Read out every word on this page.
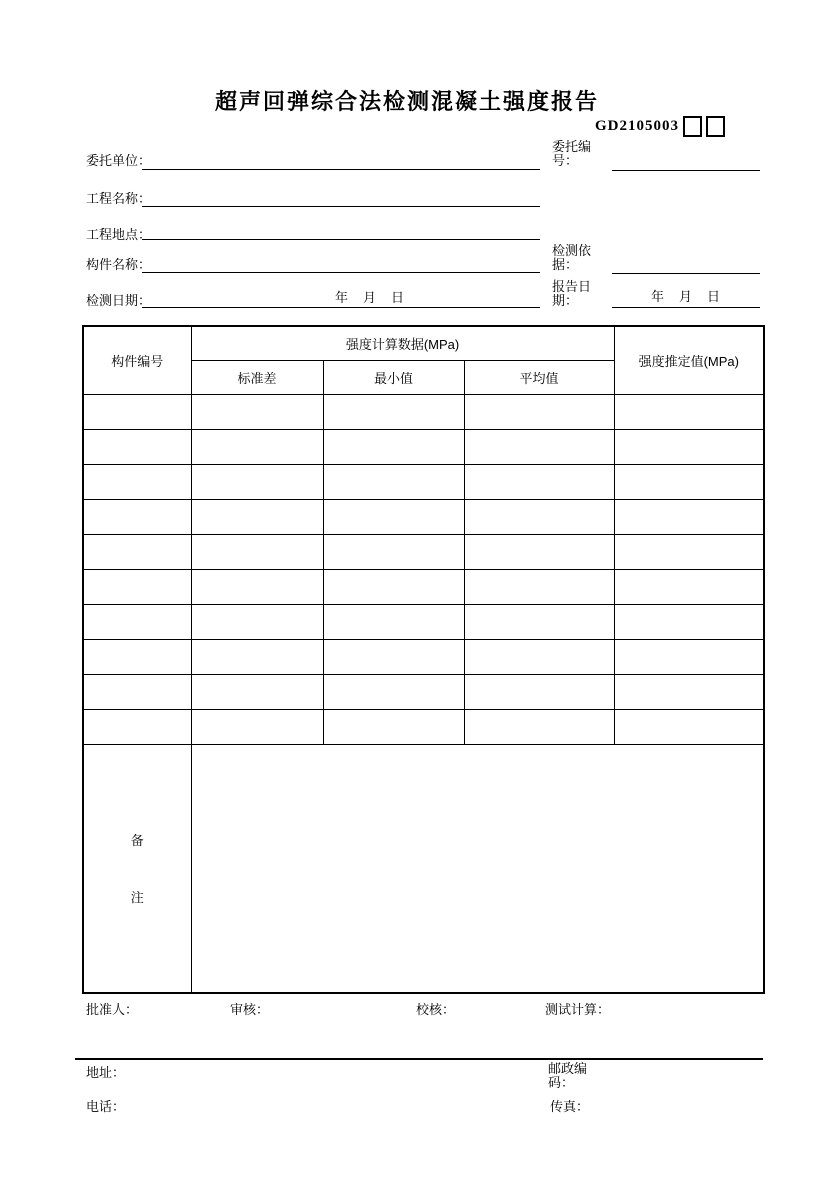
超声回弹综合法检测混凝土强度报告
GD2105003
委托单位：
工程名称：
工程地点：
构件名称：
检测日期：
委托编号：
检测依据：
报告日期：
年　月　日	年　月　日
构件编号	强度计算数据(MPa)			强度推定值(MPa)
	标准差	最小值	平均值	

备
注				

批准人：	审核：	校核：	测试计算：
地址：	邮政编码：
电话：	传真：
